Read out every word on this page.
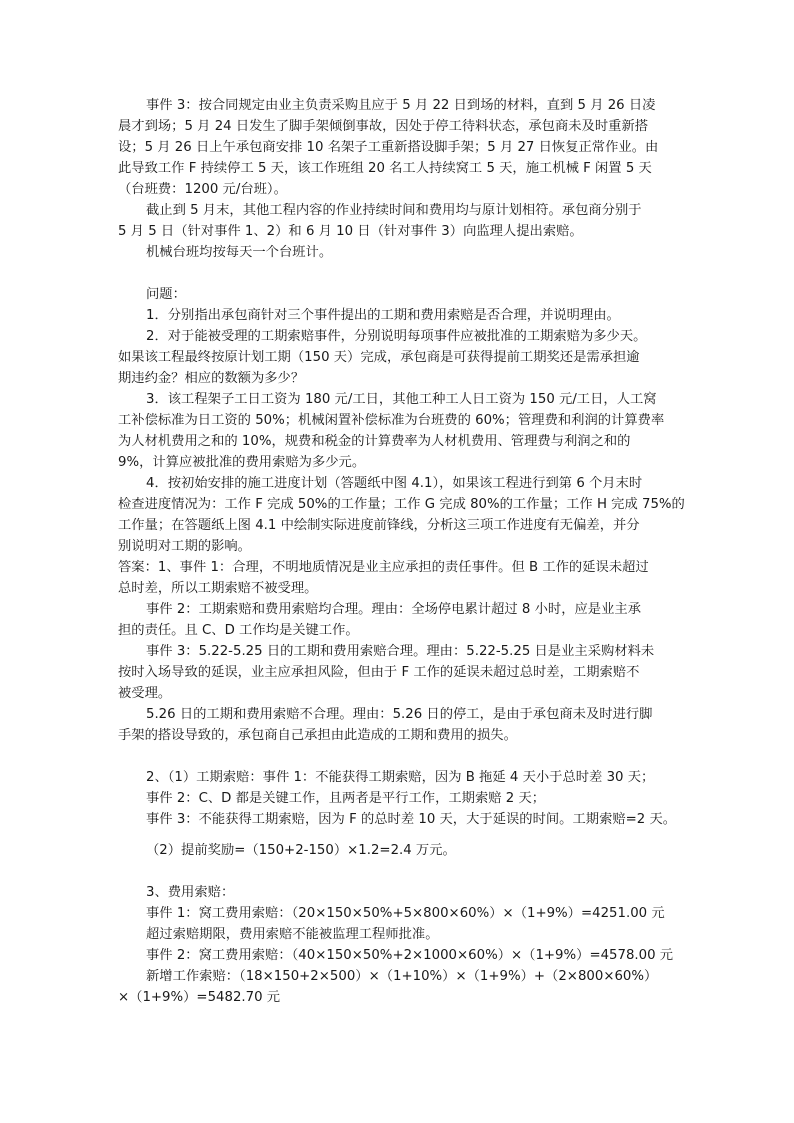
事件 3：按合同规定由业主负责采购且应于 5 月 22 日到场的材料，直到 5 月 26 日凌

晨才到场；5 月 24 日发生了脚手架倾倒事故，因处于停工待料状态，承包商未及时重新搭

设；5 月 26 日上午承包商安排 10 名架子工重新搭设脚手架；5 月 27 日恢复正常作业。由

此导致工作 F 持续停工 5 天，该工作班组 20 名工人持续窝工 5 天，施工机械 F 闲置 5 天

（台班费：1200 元/台班）。

截止到 5 月末，其他工程内容的作业持续时间和费用均与原计划相符。承包商分别于

5 月 5 日（针对事件 1、2）和 6 月 10 日（针对事件 3）向监理人提出索赔。

机械台班均按每天一个台班计。

问题：

1．分别指出承包商针对三个事件提出的工期和费用索赔是否合理，并说明理由。

2．对于能被受理的工期索赔事件，分别说明每项事件应被批准的工期索赔为多少天。

如果该工程最终按原计划工期（150 天）完成，承包商是可获得提前工期奖还是需承担逾

期违约金？相应的数额为多少？

3．该工程架子工日工资为 180 元/工日，其他工种工人日工资为 150 元/工日，人工窝

工补偿标准为日工资的 50%；机械闲置补偿标准为台班费的 60%；管理费和利润的计算费率

为人材机费用之和的 10%，规费和税金的计算费率为人材机费用、管理费与利润之和的

9%，计算应被批准的费用索赔为多少元。

4．按初始安排的施工进度计划（答题纸中图 4.1），如果该工程进行到第 6 个月末时

检查进度情况为：工作 F 完成 50%的工作量；工作 G 完成 80%的工作量；工作 H 完成 75%的

工作量；在答题纸上图 4.1 中绘制实际进度前锋线，分析这三项工作进度有无偏差，并分

别说明对工期的影响。

答案：1、事件 1：合理，不明地质情况是业主应承担的责任事件。但 B 工作的延误未超过

总时差，所以工期索赔不被受理。

事件 2：工期索赔和费用索赔均合理。理由：全场停电累计超过 8 小时，应是业主承

担的责任。且 C、D 工作均是关键工作。

事件 3：5.22-5.25 日的工期和费用索赔合理。理由：5.22-5.25 日是业主采购材料未

按时入场导致的延误，业主应承担风险，但由于 F 工作的延误未超过总时差，工期索赔不

被受理。

5.26 日的工期和费用索赔不合理。理由：5.26 日的停工，是由于承包商未及时进行脚

手架的搭设导致的，承包商自己承担由此造成的工期和费用的损失。

2、（1）工期索赔：事件 1：不能获得工期索赔，因为 B 拖延 4 天小于总时差 30 天；

事件 2：C、D 都是关键工作，且两者是平行工作，工期索赔 2 天；

事件 3：不能获得工期索赔，因为 F 的总时差 10 天，大于延误的时间。工期索赔=2 天。

（2）提前奖励=（150+2-150）×1.2=2.4 万元。

3、费用索赔：

事件 1：窝工费用索赔：（20×150×50%+5×800×60%）×（1+9%）=4251.00 元

超过索赔期限，费用索赔不能被监理工程师批准。

事件 2：窝工费用索赔：（40×150×50%+2×1000×60%）×（1+9%）=4578.00 元

新增工作索赔：（18×150+2×500）×（1+10%）×（1+9%）+（2×800×60%）

×（1+9%）=5482.70 元
